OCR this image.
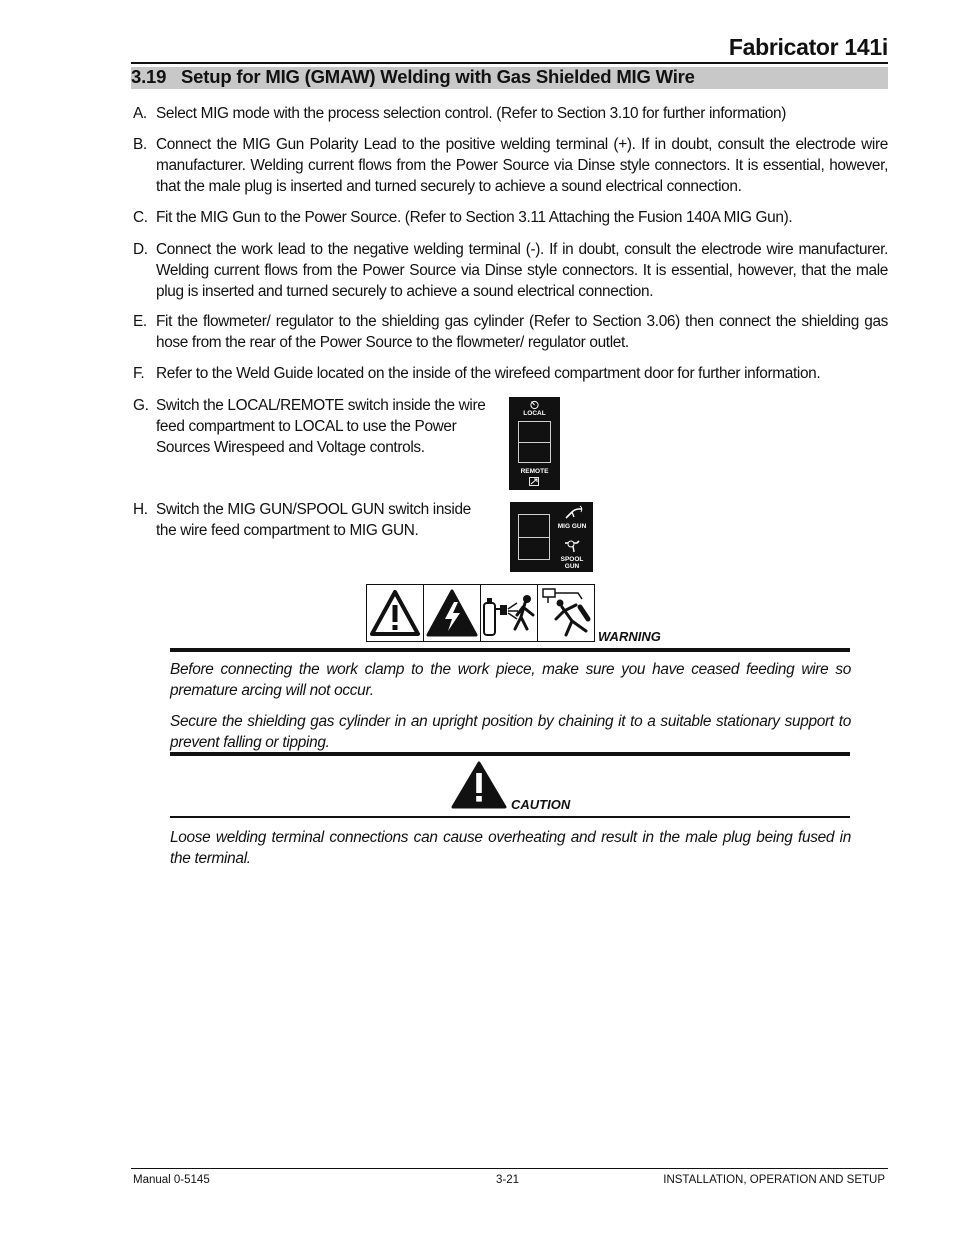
Fabricator 141i
3.19   Setup for MIG (GMAW) Welding with Gas Shielded MIG Wire
A. Select MIG mode with the process selection control. (Refer to Section 3.10 for further information)
B. Connect the MIG Gun Polarity Lead to the positive welding terminal (+). If in doubt, consult the electrode wire manufacturer. Welding current flows from the Power Source via Dinse style connectors. It is essential, however, that the male plug is inserted and turned securely to achieve a sound electrical connection.
C. Fit the MIG Gun to the Power Source. (Refer to Section 3.11 Attaching the Fusion 140A MIG Gun).
D. Connect the work lead to the negative welding terminal (-). If in doubt, consult the electrode wire manufacturer. Welding current flows from the Power Source via Dinse style connectors. It is essential, however, that the male plug is inserted and turned securely to achieve a sound electrical connection.
E. Fit the flowmeter/ regulator to the shielding gas cylinder (Refer to Section 3.06) then connect the shielding gas hose from the rear of the Power Source to the flowmeter/ regulator outlet.
F. Refer to the Weld Guide located on the inside of the wirefeed compartment door for further information.
G. Switch the LOCAL/REMOTE switch inside the wire feed compartment to LOCAL to use the Power Sources Wirespeed and Voltage controls.
H. Switch the MIG GUN/SPOOL GUN switch inside the wire feed compartment to MIG GUN.
LOCAL
REMOTE
MIG GUN
SPOOL
GUN
WARNING
Before connecting the work clamp to the work piece, make sure you have ceased feeding wire so premature arcing will not occur.
Secure the shielding gas cylinder in an upright position by chaining it to a suitable stationary support to prevent falling or tipping.
CAUTION
Loose welding terminal connections can cause overheating and result in the male plug being fused in the terminal.
Manual 0-5145	3-21	INSTALLATION, OPERATION AND SETUP
